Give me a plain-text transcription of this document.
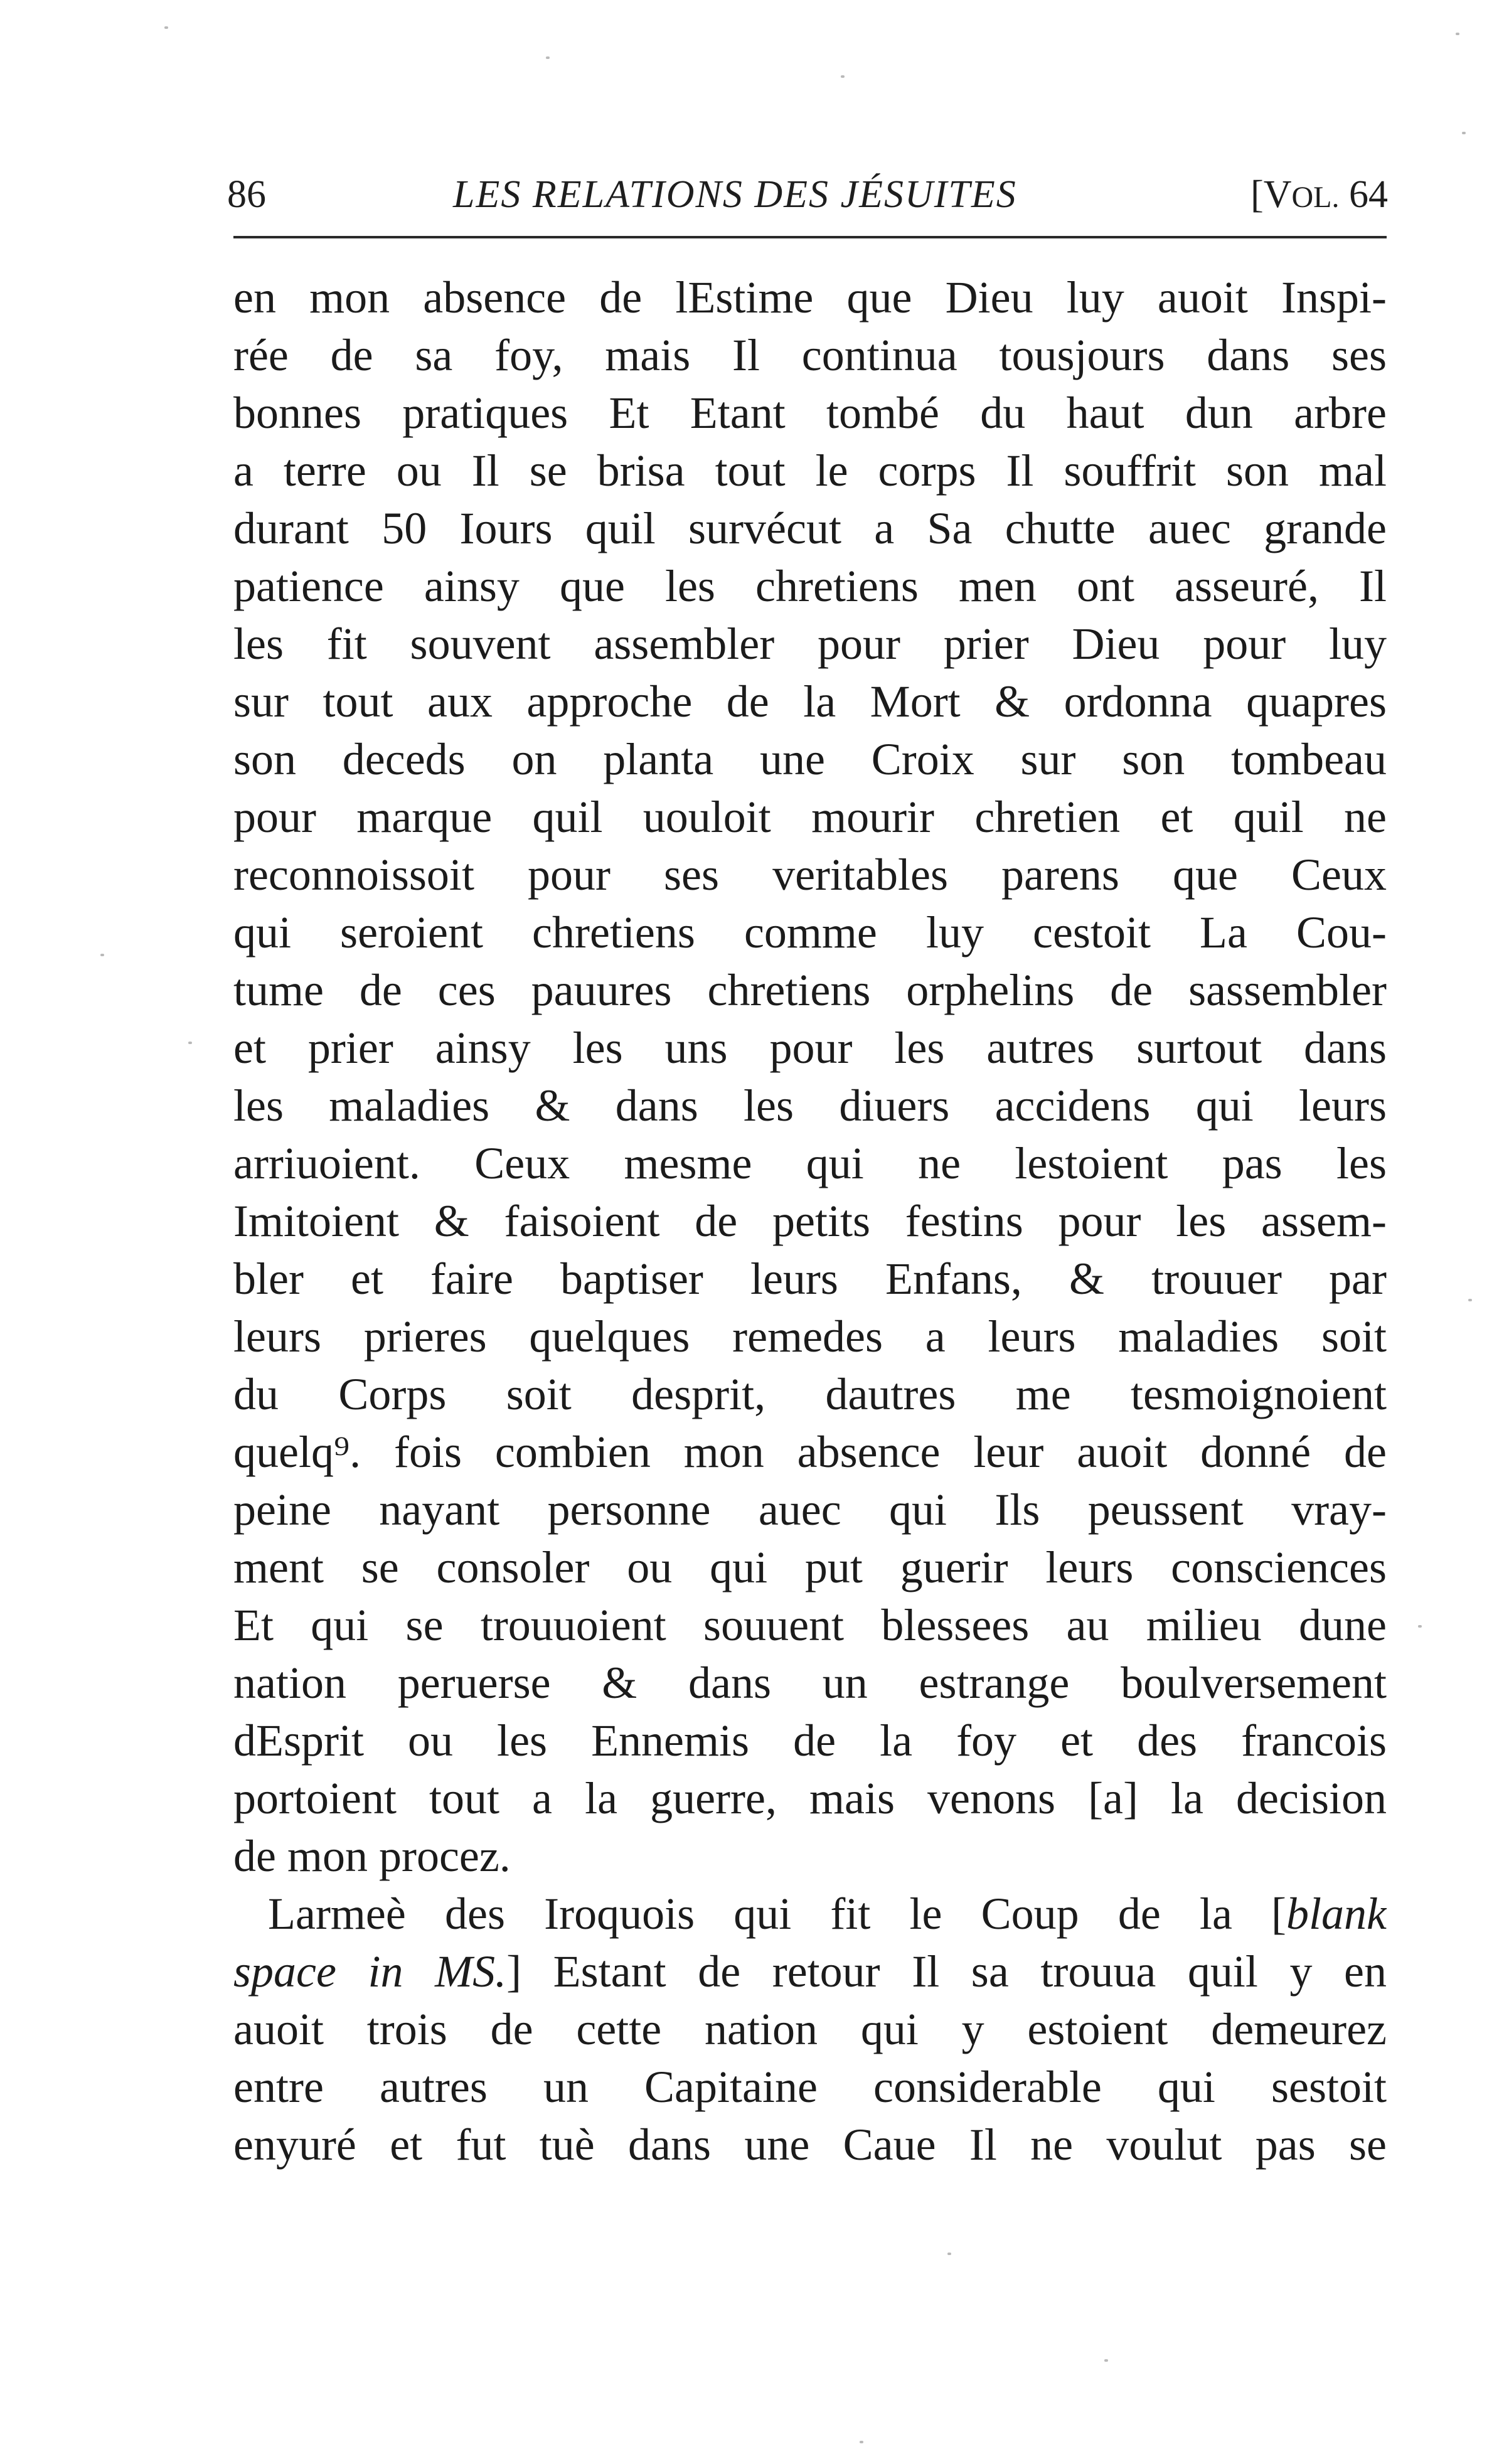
86	LES RELATIONS DES JÉSUITES	[VOL. 64
en mon absence de lEstime que Dieu luy auoit Inspi-
rée de sa foy, mais Il continua tousjours dans ses
bonnes pratiques Et Etant tombé du haut dun arbre
a terre ou Il se brisa tout le corps Il souffrit son mal
durant 50 Iours quil survécut a Sa chutte auec grande
patience ainsy que les chretiens men ont asseuré, Il
les fit souvent assembler pour prier Dieu pour luy
sur tout aux approche de la Mort & ordonna quapres
son deceds on planta une Croix sur son tombeau
pour marque quil uouloit mourir chretien et quil ne
reconnoissoit pour ses veritables parens que Ceux
qui seroient chretiens comme luy cestoit La Cou-
tume de ces pauures chretiens orphelins de sassembler
et prier ainsy les uns pour les autres surtout dans
les maladies & dans les diuers accidens qui leurs
arriuoient. Ceux mesme qui ne lestoient pas les
Imitoient & faisoient de petits festins pour les assem-
bler et faire baptiser leurs Enfans, & trouuer par
leurs prieres quelques remedes a leurs maladies soit
du Corps soit desprit, dautres me tesmoignoient
quelq⁹. fois combien mon absence leur auoit donné de
peine nayant personne auec qui Ils peussent vray-
ment se consoler ou qui put guerir leurs consciences
Et qui se trouuoient souuent blessees au milieu dune
nation peruerse & dans un estrange boulversement
dEsprit ou les Ennemis de la foy et des francois
portoient tout a la guerre, mais venons [a] la decision
de mon procez.
Larmeè des Iroquois qui fit le Coup de la [blank
space in MS.] Estant de retour Il sa trouua quil y en
auoit trois de cette nation qui y estoient demeurez
entre autres un Capitaine considerable qui sestoit
enyuré et fut tuè dans une Caue Il ne voulut pas se
